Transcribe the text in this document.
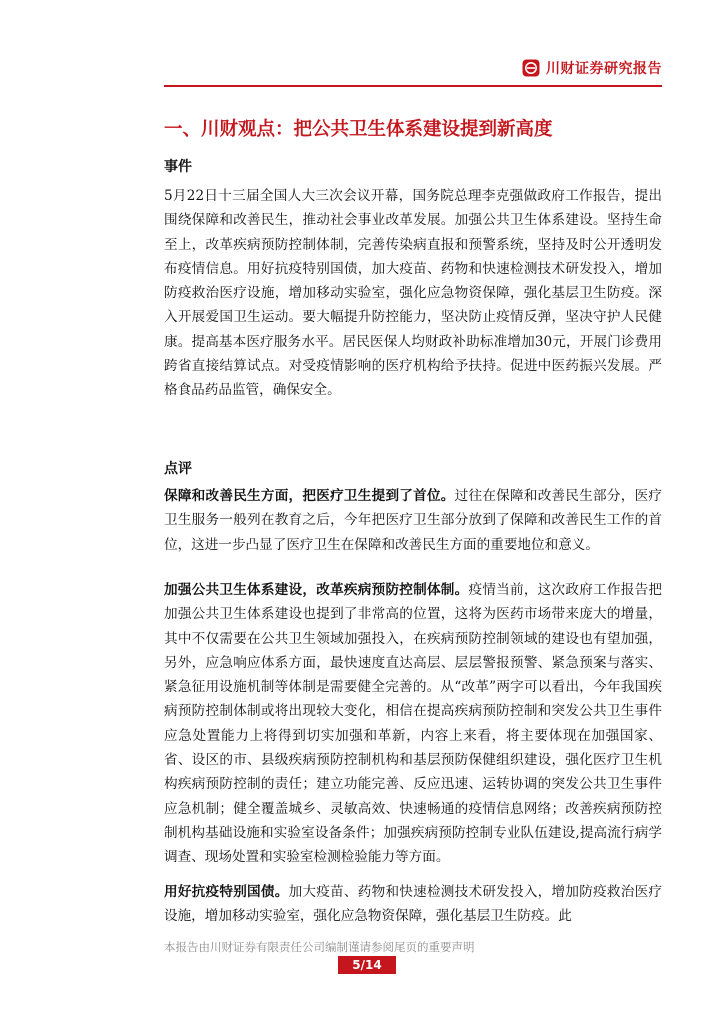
川财证券研究报告
一、川财观点：把公共卫生体系建设提到新高度
事件

5月22日十三届全国人大三次会议开幕，国务院总理李克强做政府工作报告，提出围绕保障和改善民生，推动社会事业改革发展。加强公共卫生体系建设。坚持生命至上，改革疾病预防控制体制，完善传染病直报和预警系统，坚持及时公开透明发布疫情信息。用好抗疫特别国债，加大疫苗、药物和快速检测技术研发投入，增加防疫救治医疗设施，增加移动实验室，强化应急物资保障，强化基层卫生防疫。深入开展爱国卫生运动。要大幅提升防控能力，坚决防止疫情反弹，坚决守护人民健康。提高基本医疗服务水平。居民医保人均财政补助标准增加30元，开展门诊费用跨省直接结算试点。对受疫情影响的医疗机构给予扶持。促进中医药振兴发展。严格食品药品监管，确保安全。

点评

保障和改善民生方面，把医疗卫生提到了首位。过往在保障和改善民生部分，医疗卫生服务一般列在教育之后，今年把医疗卫生部分放到了保障和改善民生工作的首位，这进一步凸显了医疗卫生在保障和改善民生方面的重要地位和意义。

加强公共卫生体系建设，改革疾病预防控制体制。疫情当前，这次政府工作报告把加强公共卫生体系建设也提到了非常高的位置，这将为医药市场带来庞大的增量，其中不仅需要在公共卫生领域加强投入，在疾病预防控制领域的建设也有望加强，另外，应急响应体系方面，最快速度直达高层、层层警报预警、紧急预案与落实、紧急征用设施机制等体制是需要健全完善的。从“改革”两字可以看出，今年我国疾病预防控制体制或将出现较大变化，相信在提高疾病预防控制和突发公共卫生事件应急处置能力上将得到切实加强和革新，内容上来看，将主要体现在加强国家、省、设区的市、县级疾病预防控制机构和基层预防保健组织建设，强化医疗卫生机构疾病预防控制的责任；建立功能完善、反应迅速、运转协调的突发公共卫生事件应急机制；健全覆盖城乡、灵敏高效、快速畅通的疫情信息网络；改善疾病预防控制机构基础设施和实验室设备条件；加强疾病预防控制专业队伍建设,提高流行病学调查、现场处置和实验室检测检验能力等方面。

用好抗疫特别国债。加大疫苗、药物和快速检测技术研发投入，增加防疫救治医疗设施，增加移动实验室，强化应急物资保障，强化基层卫生防疫。此

本报告由川财证券有限责任公司编制谨请参阅尾页的重要声明
5/14
